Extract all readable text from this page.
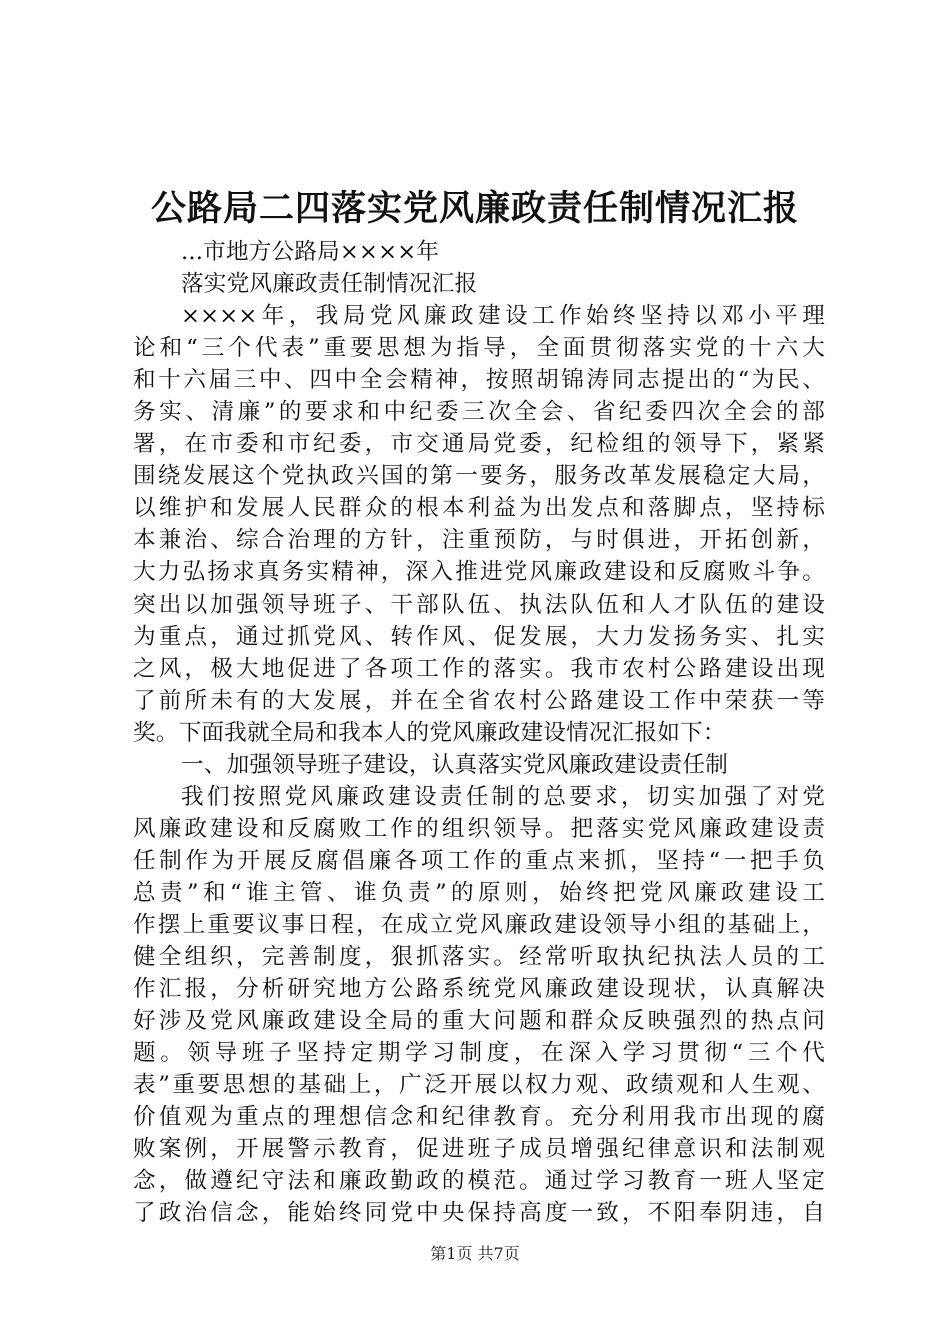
公路局二四落实党风廉政责任制情况汇报
...市地方公路局××××年
落实党风廉政责任制情况汇报
××××年，我局党风廉政建设工作始终坚持以邓小平理
论和“三个代表”重要思想为指导，全面贯彻落实党的十六大
和十六届三中、四中全会精神，按照胡锦涛同志提出的“为民、
务实、清廉”的要求和中纪委三次全会、省纪委四次全会的部
署，在市委和市纪委，市交通局党委，纪检组的领导下，紧紧
围绕发展这个党执政兴国的第一要务，服务改革发展稳定大局，
以维护和发展人民群众的根本利益为出发点和落脚点，坚持标
本兼治、综合治理的方针，注重预防，与时俱进，开拓创新，
大力弘扬求真务实精神，深入推进党风廉政建设和反腐败斗争。
突出以加强领导班子、干部队伍、执法队伍和人才队伍的建设
为重点，通过抓党风、转作风、促发展，大力发扬务实、扎实
之风，极大地促进了各项工作的落实。我市农村公路建设出现
了前所未有的大发展，并在全省农村公路建设工作中荣获一等
奖。下面我就全局和我本人的党风廉政建设情况汇报如下：
一、加强领导班子建设，认真落实党风廉政建设责任制
我们按照党风廉政建设责任制的总要求，切实加强了对党
风廉政建设和反腐败工作的组织领导。把落实党风廉政建设责
任制作为开展反腐倡廉各项工作的重点来抓，坚持“一把手负
总责”和“谁主管、谁负责”的原则，始终把党风廉政建设工
作摆上重要议事日程，在成立党风廉政建设领导小组的基础上，
健全组织，完善制度，狠抓落实。经常听取执纪执法人员的工
作汇报，分析研究地方公路系统党风廉政建设现状，认真解决
好涉及党风廉政建设全局的重大问题和群众反映强烈的热点问
题。领导班子坚持定期学习制度，在深入学习贯彻“三个代
表”重要思想的基础上，广泛开展以权力观、政绩观和人生观、
价值观为重点的理想信念和纪律教育。充分利用我市出现的腐
败案例，开展警示教育，促进班子成员增强纪律意识和法制观
念，做遵纪守法和廉政勤政的模范。通过学习教育一班人坚定
了政治信念，能始终同党中央保持高度一致，不阳奉阴违，自
第1页 共7页
